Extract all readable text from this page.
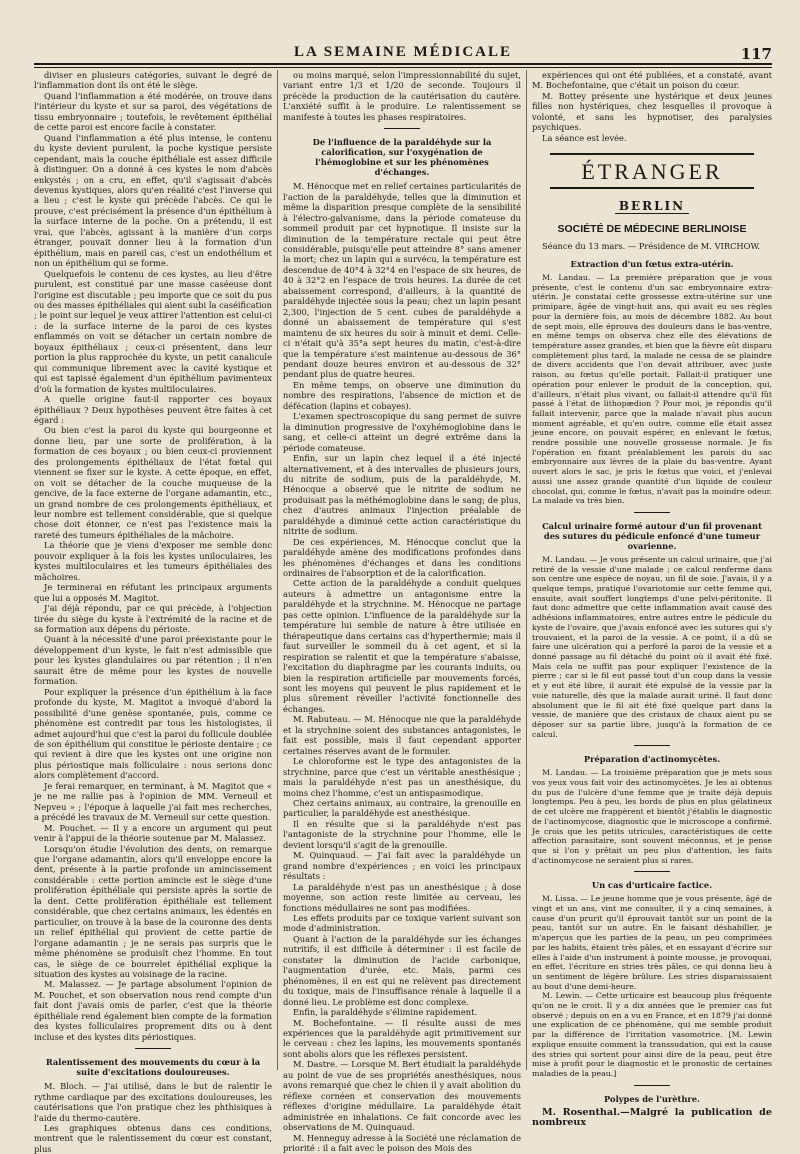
LA SEMAINE MÉDICALE	117

diviser en plusieurs catégories, suivant le degré de l'inflammation dont ils ont été le siège.

Quand l'inflammation a été modérée, on trouve dans l'intérieur du kyste et sur sa paroi, des végétations de tissu embryonnaire ; toutefois, le revêtement épithélial de cette paroi est encore facile à constater.

Quand l'inflammation a été plus intense, le contenu du kyste devient purulent, la poche kystique persiste cependant, mais la couche épithéliale est assez difficile à distinguer. On a donné à ces kystes le nom d'abcès enkystés ; on a cru, en effet, qu'il s'agissait d'abcès devenus kystiques, alors qu'en réalité c'est l'inverse qui a lieu ; c'est le kyste qui précède l'abcès. Ce qui le prouve, c'est précisément la présence d'un épithélium à la surface interne de la poche. On a prétendu, il est vrai, que l'abcès, agissant à la manière d'un corps étranger, pouvait donner lieu à la formation d'un épithélium, mais en pareil cas, c'est un endothélium et non un épithélium qui se forme.

Quelquefois le contenu de ces kystes, au lieu d'être purulent, est constitué par une masse caséeuse dont l'origine est discutable ; peu importe que ce soit du pus ou des masses épithéliales qui aient subi la caséification ; le point sur lequel je veux attirer l'attention est celui-ci : de la surface interne de la paroi de ces kystes enflammés on voit se détacher un certain nombre de boyaux épithéliaux ; ceux-ci présentent, dans leur portion la plus rapprochée du kyste, un petit canalicule qui communique librement avec la cavité kystique et qui est tapissé également d'un épithélium pavimenteux d'où la formation de kystes multiloculaires.

A quelle origine faut-il rapporter ces boyaux épithéliaux ? Deux hypothèses peuvent être faites à cet égard :

Ou bien c'est la paroi du kyste qui bourgeonne et donne lieu, par une sorte de prolifération, à la formation de ces boyaux ; ou bien ceux-ci proviennent des prolongements épithéliaux de l'état fœtal qui viennent se fixer sur le kyste. A cette époque, en effet, on voit se détacher de la couche muqueuse de la gencive, de la face externe de l'organe adamantin, etc., un grand nombre de ces prolongements épithéliaux, et leur nombre est tellement considérable, que si quelque chose doit étonner, ce n'est pas l'existence mais la rareté des tumeurs épithéliales de la mâchoire.

La théorie que je viens d'exposer me semble donc pouvoir expliquer à la fois les kystes uniloculaires, les kystes multiloculaires et les tumeurs épithéliales des mâchoires.

Je terminerai en réfutant les principaux arguments que lui a opposés M. Magitot.

J'ai déjà répondu, par ce qui précède, à l'objection tirée du siège du kyste à l'extrémité de la racine et de sa formation aux dépens du périoste.

Quant à la nécessité d'une paroi préexistante pour le développement d'un kyste, le fait n'est admissible que pour les kystes glandulaires ou par rétention ; il n'en saurait être de même pour les kystes de nouvelle formation.

Pour expliquer la présence d'un épithélium à la face profonde du kyste, M. Magitot a invoqué d'abord la possibilité d'une genèse spontanée, puis, comme ce phénomène est contredit par tous les histologistes, il admet aujourd'hui que c'est la paroi du follicule doublée de son épithélium qui constitue le périoste dentaire ; ce qui revient à dire que les kystes ont une origine non plus périostique mais folliculaire : nous serions donc alors complètement d'accord.

Je ferai remarquer, en terminant, à M. Magitot que « je ne me rallie pas à l'opinion de MM. Verneuil et Nepveu » ; l'époque à laquelle j'ai fait mes recherches, a précédé les travaux de M. Verneuil sur cette question.

M. Pouchet. — Il y a encore un argument qui peut venir à l'appui de la théorie soutenue par M. Malassez.

Lorsqu'on étudie l'évolution des dents, on remarque que l'organe adamantin, alors qu'il enveloppe encore la dent, présente à la partie profonde un amincissement considérable : cette portion amincie est le siège d'une prolifération épithéliale qui persiste après la sortie de la dent. Cette prolifération épithéliale est tellement considérable, que chez certains animaux, les édentés en particulier, on trouve à la base de la couronne des dents un relief épithélial qui provient de cette partie de l'organe adamantin ; je ne serais pas surpris que le même phénomène se produisît chez l'homme. En tout cas, le siège de ce bourrelet épithélial explique la situation des kystes au voisinage de la racine.

M. Malassez. — Je partage absolument l'opinion de M. Pouchet, et son observation nous rend compte d'un fait dont j'avais omis de parler, c'est que la théorie épithéliale rend également bien compte de la formation des kystes folliculaires proprement dits ou à dent incluse et des kystes dits périostiques.

Ralentissement des mouvements du cœur à la suite d'excitations douloureuses.

M. Bloch. — J'ai utilisé, dans le but de ralentir le rythme cardiaque par des excitations douloureuses, les cautérisations que l'on pratique chez les phthisiques à l'aide du thermo-cautère.

Les graphiques obtenus dans ces conditions, montrent que le ralentissement du cœur est constant, plus

ou moins marqué, selon l'impressionnabilité du sujet, variant entre 1/3 et 1/20 de seconde. Toujours il précède la production de la cautérisation du cautère. L'anxiété suffit à le produire. Le ralentissement se manifeste à toutes les phases respiratoires.

De l'influence de la paraldéhyde sur la calorification, sur l'oxygénation de l'hémoglobine et sur les phénomènes d'échanges.

M. Hénocque met en relief certaines particularités de l'action de la paraldéhyde, telles que la diminution et même la disparition presque complète de la sensibilité à l'électro-galvanisme, dans la période comateuse du sommeil produit par cet hypnotique. Il insiste sur la diminution de la température rectale qui peut être considérable, puisqu'elle peut atteindre 8° sans amener la mort; chez un lapin qui a survécu, la température est descendue de 40°4 à 32°4 en l'espace de six heures, de 40 à 32°2 en l'espace de trois heures. La durée de cet abaissement correspond, d'ailleurs, à la quantité de paraldéhyde injectée sous la peau; chez un lapin pesant 2,300, l'injection de 5 cent. cubes de paraldéhyde a donné un abaissement de température qui s'est maintenu de six heures du soir à minuit et demi. Celle-ci n'était qu'à 35°a sept heures du matin, c'est-à-dire que la température s'est maintenue au-dessous de 36° pendant douze heures environ et au-dessous de 32° pendant plus de quatre heures.

En même temps, on observe une diminution du nombre des respirations, l'absence de miction et de défécation (lapins et cobayes).

L'examen spectroscopique du sang permet de suivre la diminution progressive de l'oxyhémoglobine dans le sang, et celle-ci atteint un degré extrême dans la période comateuse.

Enfin, sur un lapin chez lequel il a été injecté alternativement, et à des intervalles de plusieurs jours, du nitrite de sodium, puis de la paraldéhyde, M. Hénocque a observé que le nitrite de sodium ne produisait pas la méthémoglobine dans le sang; de plus, chez d'autres animaux l'injection préalable de paraldéhyde a diminué cette action caractéristique du nitrite de sodium.

De ces expériences, M. Hénocque conclut que la paraldéhyde amène des modifications profondes dans les phénomènes d'échanges et dans les conditions ordinaires de l'absorption et de la calorification.

Cette action de la paraldéhyde a conduit quelques auteurs à admettre un antagonisme entre la paraldéhyde et la strychnine. M. Hénocque ne partage pas cette opinion. L'influence de la paraldéhyde sur la température lui semble de nature à être utilisée en thérapeutique dans certains cas d'hyperthermie; mais il faut surveiller le sommeil du à cet agent, et si la respiration se ralentit et que la température s'abaisse, l'excitation du diaphragme par les courants induits, ou bien la respiration artificielle par mouvements forcés, sont les moyens qui peuvent le plus rapidement et le plus sûrement réveiller l'activité fonctionnelle des échanges.

M. Rabuteau. — M. Hénocque nie que la paraldéhyde et la strychnine soient des substances antagonistes, le fait est possible, mais il faut cependant apporter certaines réserves avant de le formuler.

Le chloroforme est le type des antagonistes de la strychnine, parce que c'est un véritable anesthésique ; mais la paraldéhyde n'est pas un anesthésique, du moins chez l'homme, c'est un antispasmodique.

Chez certains animaux, au contraire, la grenouille en particulier, la paraldéhyde est anesthésique.

Il en résulte que si la paraldéhyde n'est pas l'antagoniste de la strychnine pour l'homme, elle le devient lorsqu'il s'agit de la grenouille.

M. Quinquaud. — J'ai fait avec la paraldéhyde un grand nombre d'expériences ; en voici les principaux résultats :

La paraldéhyde n'est pas un anesthésique ; à dose moyenne, son action reste limitée au cerveau, les fonctions médullaires ne sont pas modifiées.

Les effets produits par ce toxique varient suivant son mode d'administration.

Quant à l'action de la paraldéhyde sur les échanges nutritifs, il est difficile à déterminer : il est facile de constater la diminution de l'acide carbonique, l'augmentation d'urée, etc. Mais, parmi ces phénomènes, il en est qui ne relèvent pas directement du toxique, mais de l'insuffisance rénale à laquelle il a donné lieu. Le problème est donc complexe.

Enfin, la paraldéhyde s'élimine rapidement.

M. Bochefontaine. — Il résulte aussi de mes expériences que la paraldéhyde agit primitivement sur le cerveau : chez les lapins, les mouvements spontanés sont abolis alors que les réflexes persistent.

M. Dastre. — Lorsque M. Bert étudiait la paraldéhyde au point de vue de ses propriétés anesthésiques, nous avons remarqué que chez le chien il y avait abolition du réflexe cornéen et conservation des mouvements réflexes d'origine médullaire. La paraldéhyde était administrée en inhalations. Ce fait concorde avec les observations de M. Quinquaud.

M. Henneguy adresse à la Société une réclamation de priorité : il a fait avec le poison des Mois des

expériences qui ont été publiées, et a constaté, avant M. Bochefontaine, que c'était un poison du cœur.

M. Bottey présente une hystérique et deux jeunes filles non hystériques, chez lesquelles il provoque à volonté, et sans les hypnotiser, des paralysies psychiques.

La séance est levée.

ÉTRANGER
BERLIN
SOCIÉTÉ DE MÉDECINE BERLINOISE

Séance du 13 mars. — Présidence de M. VIRCHOW.

Extraction d'un fœtus extra-utérin.

M. Landau. — La première préparation que je vous présente, c'est le contenu d'un sac embryonnaire extra-utérin. Je constatai cette grossesse extra-utérine sur une primipare, âgée de vingt-huit ans, qui avait eu ses règles pour la dernière fois, au mois de décembre 1882. Au bout de sept mois, elle éprouva des douleurs dans le bas-ventre, en même temps on observa chez elle des élévations de température assez grandes, et bien que la fièvre eût disparu complètement plus tard, la malade ne cessa de se plaindre de divers accidents que l'on devait attribuer, avec juste raison, au fœtus qu'elle portait. Fallait-il pratiquer une opération pour enlever le produit de la conception, qui, d'ailleurs, n'était plus vivant, ou fallait-il attendre qu'il fût passé à l'état de lithopædion ? Pour moi, je répondis qu'il fallait intervenir, parce que la malade n'avait plus aucun moment agréable, et qu'en outre, comme elle était assez jeune encore, on pouvait espérer, en enlevant le fœtus, rendre possible une nouvelle grossesse normale. Je fis l'opération en fixant préalablement les parois du sac embryonnaire aux lèvres de la plaie du bas-ventre. Ayant ouvert alors le sac, je pris le fœtus que voici, et j'enlevai aussi une assez grande quantité d'un liquide de couleur chocolat, qui, comme le fœtus, n'avait pas la moindre odeur. La malade va très bien.

Calcul urinaire formé autour d'un fil provenant des sutures du pédicule enfoncé d'une tumeur ovarienne.

M. Landau. — Je vous présente un calcul urinaire, que j'ai retiré de la vessie d'une malade ; ce calcul renferme dans son centre une espèce de noyau, un fil de soie. J'avais, il y a quelque temps, pratiqué l'ovariotomie sur cette femme qui, ensuite, avait souffert longtemps d'une pelvi-péritonite. Il faut donc admettre que cette inflammation avait causé des adhésions inflammatoires, entre autres entre le pédicule du kyste de l'ovaire, que j'avais enfoncé avec les sutures qui s'y trouvaient, et la paroi de la vessie. A ce point, il a dû se faire une ulcération qui a perforé la paroi de la vessie et a donné passage au fil détaché du point où il avait été fixé. Mais cela ne suffit pas pour expliquer l'existence de la pierre ; car si le fil eut passé tout d'un coup dans la vessie et y eut été libre, il aurait été expulsé de la vessie par la voie naturelle, dès que la malade aurait uriné. Il faut donc absolument que le fil ait été fixé quelque part dans la vessie, de manière que des cristaux de chaux aient pu se déposer sur sa partie libre, jusqu'à la formation de ce calcul.

Préparation d'actinomycètes.

M. Landau. — La troisième préparation que je mets sous vos yeux vous fait voir des actinomycètes. Je les ai obtenus du pus de l'ulcère d'une femme que je traite déjà depuis longtemps. Peu à peu, les bords de plus en plus gélatineux de cet ulcère me frappèrent et bientôt j'établis le diagnostic de l'actinomycose, diagnostic que le microscope a confirmé. Je crois que les petits utricules, caractéristiques de cette affection parasitaire, sont souvent méconnus, et je pense que si l'on y prêtait un peu plus d'attention, les faits d'actinomycose ne seraient plus si rares.

Un cas d'urticaire factice.

M. Lissa. — Le jeune homme que je vous présente, âgé de vingt et un ans, vint me consulter, il y a cinq semaines, à cause d'un prurit qu'il éprouvait tantôt sur un point de la peau, tantôt sur un autre. En le faisant déshabiller, je m'aperçus que les parties de la peau, un peu comprimées par les habits, étaient très pâles, et en essayant d'écrire sur elles à l'aide d'un instrument à pointe mousse, je provoquai, en effet, l'écriture en stries très pâles, ce qui donna lieu à un sentiment de légère brûlure. Les stries disparaissaient au bout d'une demi-heure.

M. Lewin. — Cette urticaire est beaucoup plus fréquente qu'on ne le croit. Il y a dix années que le premier cas fut observé ; depuis on en a vu en France, et en 1879 j'ai donné une explication de ce phénomène, qui me semble produit par la différence de l'irritation vasomotrice. [M. Lewin explique ensuite comment la transsudation, qui est la cause des stries qui sortent pour ainsi dire de la peau, peut être mise à profit pour le diagnostic et le pronostic de certaines maladies de la peau.]

Polypes de l'urèthre.

M. Rosenthal.—Malgré la publication de nombreux
